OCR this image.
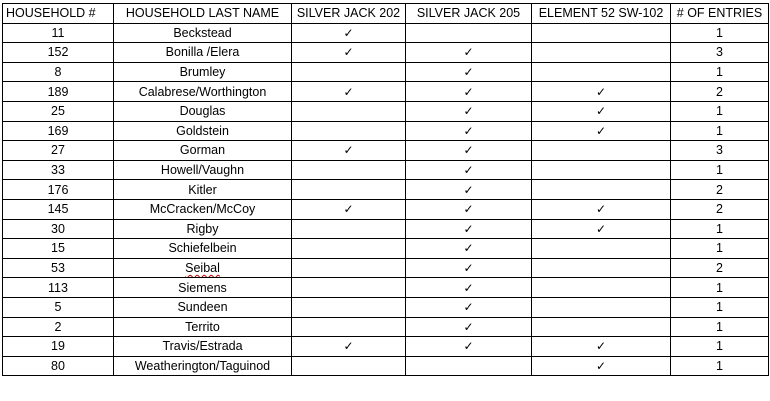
HOUSEHOLD #	HOUSEHOLD LAST NAME	SILVER JACK 202	SILVER JACK 205	ELEMENT 52 SW-102	# OF ENTRIES
11	Beckstead	✓			1
152	Bonilla /Elera	✓	✓		3
8	Brumley		✓		1
189	Calabrese/Worthington	✓	✓	✓	2
25	Douglas		✓	✓	1
169	Goldstein		✓	✓	1
27	Gorman	✓	✓		3
33	Howell/Vaughn		✓		1
176	Kitler		✓		2
145	McCracken/McCoy	✓	✓	✓	2
30	Rigby		✓	✓	1
15	Schiefelbein		✓		1
53	Seibal		✓		2
113	Siemens		✓		1
5	Sundeen		✓		1
2	Territo		✓		1
19	Travis/Estrada	✓	✓	✓	1
80	Weatherington/Taguinod			✓	1
